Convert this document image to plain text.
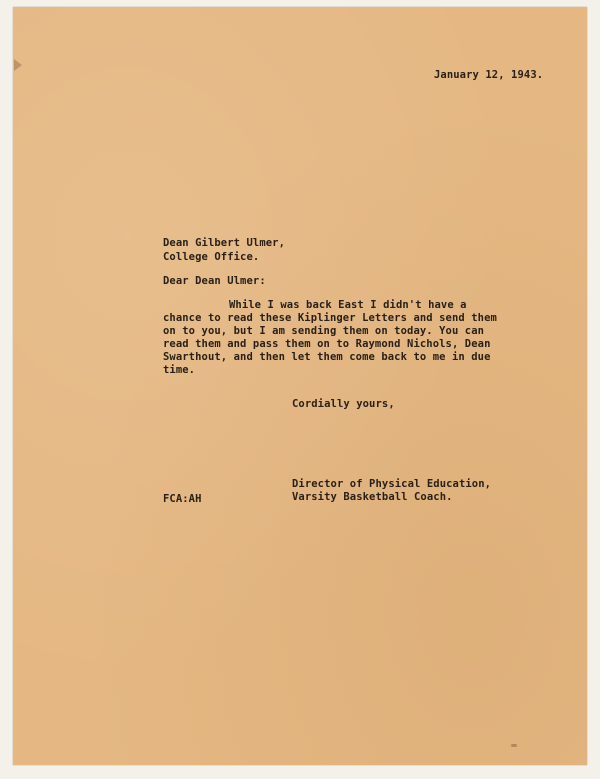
January 12, 1943.
Dean Gilbert Ulmer,
College Office.
Dear Dean Ulmer:
While I was back East I didn't have a
chance to read these Kiplinger Letters and send them
on to you, but I am sending them on today. You can
read them and pass them on to Raymond Nichols, Dean
Swarthout, and then let them come back to me in due
time.
Cordially yours,
Director of Physical Education,
Varsity Basketball Coach.
FCA:AH
